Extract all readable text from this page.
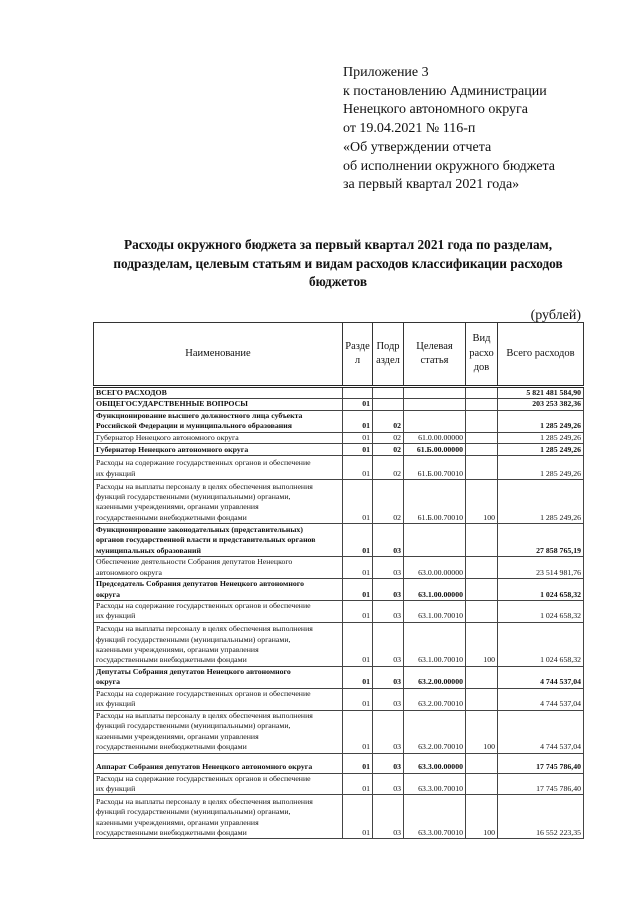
Приложение 3
к постановлению Администрации
Ненецкого автономного округа
от 19.04.2021 № 116-п
«Об утверждении отчета
об исполнении окружного бюджета
за первый квартал 2021 года»
Расходы окружного бюджета за первый квартал 2021 года по разделам,
подразделам, целевым статьям и видам расходов классификации расходов
бюджетов
(рублей)
Наименование	Раздел	Подраздел	Целевая статья	Вид расходов	Всего расходов
ВСЕГО РАСХОДОВ					5 821 481 584,90
ОБЩЕГОСУДАРСТВЕННЫЕ ВОПРОСЫ	01				203 253 382,36
Функционирование высшего должностного лица субъекта
Российской Федерации и муниципального образования	01	02			1 285 249,26
Губернатор Ненецкого автономного округа	01	02	61.0.00.00000		1 285 249,26
Губернатор Ненецкого автономного округа	01	02	61.Б.00.00000		1 285 249,26
Расходы на содержание государственных органов и обеспечение
их функций	01	02	61.Б.00.70010		1 285 249,26
Расходы на выплаты персоналу в целях обеспечения выполнения
функций государственными (муниципальными) органами,
казенными учреждениями, органами управления
государственными внебюджетными фондами	01	02	61.Б.00.70010	100	1 285 249,26
Функционирование законодательных (представительных)
органов государственной власти и представительных органов
муниципальных образований	01	03			27 858 765,19
Обеспечение деятельности Собрания депутатов Ненецкого
автономного округа	01	03	63.0.00.00000		23 514 981,76
Председатель Собрания депутатов Ненецкого автономного
округа	01	03	63.1.00.00000		1 024 658,32
Расходы на содержание государственных органов и обеспечение
их функций	01	03	63.1.00.70010		1 024 658,32
Расходы на выплаты персоналу в целях обеспечения выполнения
функций государственными (муниципальными) органами,
казенными учреждениями, органами управления
государственными внебюджетными фондами	01	03	63.1.00.70010	100	1 024 658,32
Депутаты Собрания депутатов Ненецкого автономного
округа	01	03	63.2.00.00000		4 744 537,04
Расходы на содержание государственных органов и обеспечение
их функций	01	03	63.2.00.70010		4 744 537,04
Расходы на выплаты персоналу в целях обеспечения выполнения
функций государственными (муниципальными) органами,
казенными учреждениями, органами управления
государственными внебюджетными фондами	01	03	63.2.00.70010	100	4 744 537,04
Аппарат Собрания депутатов Ненецкого автономного округа	01	03	63.3.00.00000		17 745 786,40
Расходы на содержание государственных органов и обеспечение
их функций	01	03	63.3.00.70010		17 745 786,40
Расходы на выплаты персоналу в целях обеспечения выполнения
функций государственными (муниципальными) органами,
казенными учреждениями, органами управления
государственными внебюджетными фондами	01	03	63.3.00.70010	100	16 552 223,35
